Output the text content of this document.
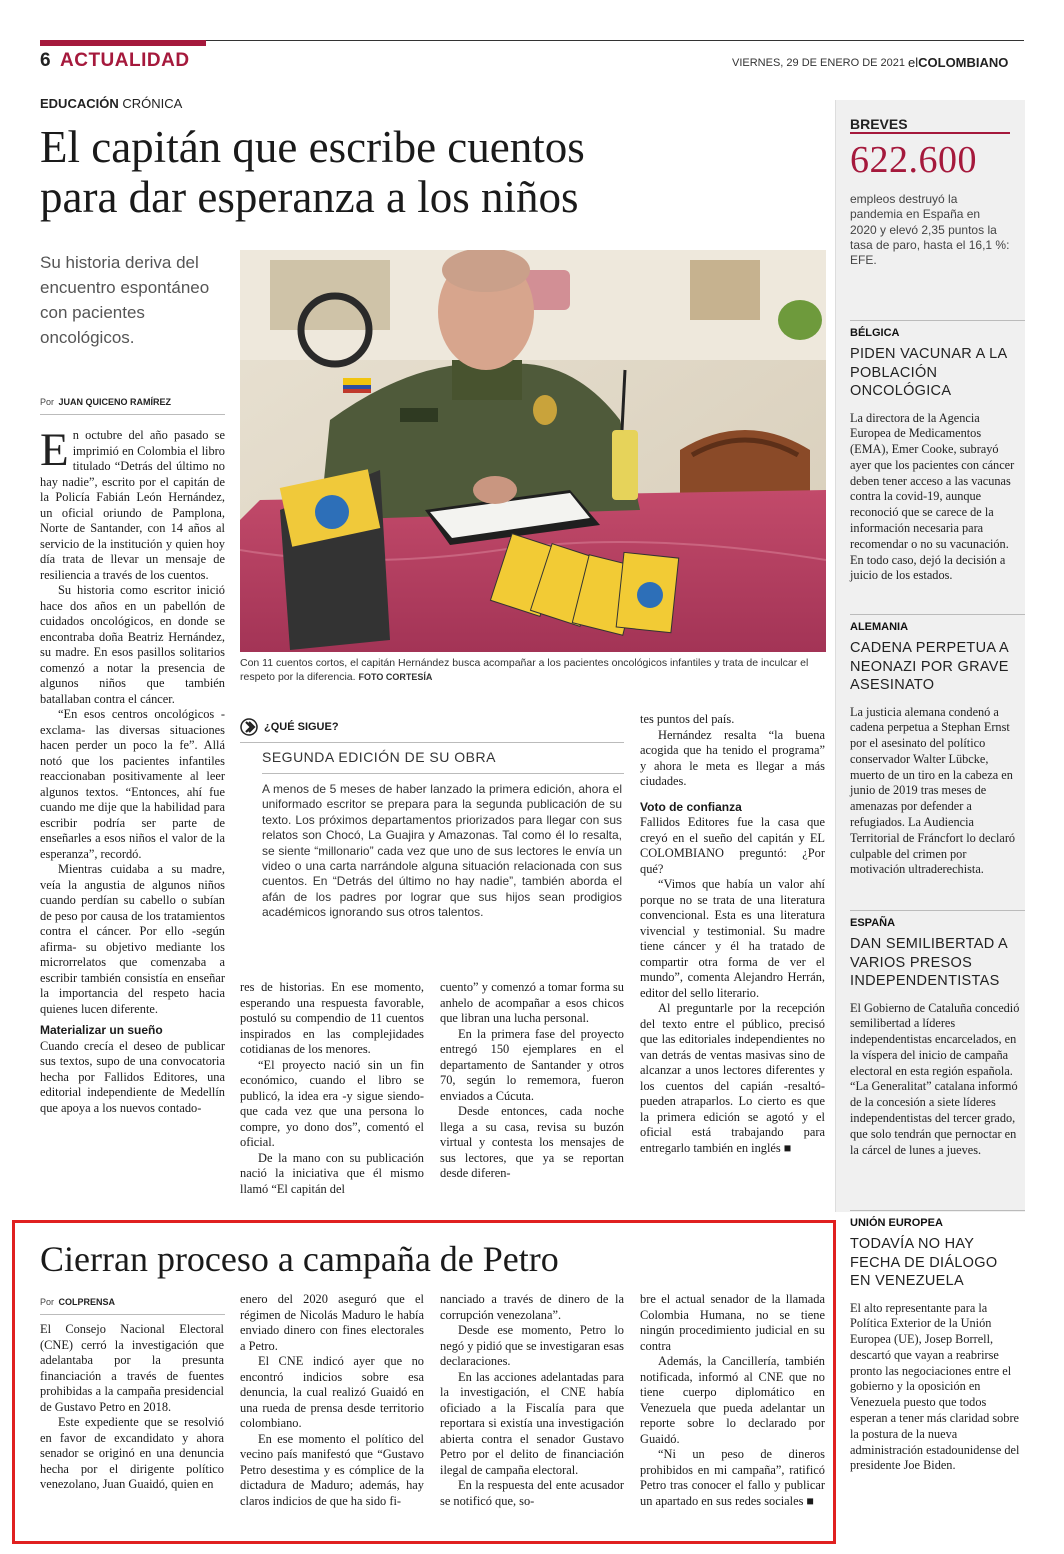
6 ACTUALIDAD	VIERNES, 29 DE ENERO DE 2021 elCOLOMBIANO
EDUCACIÓN CRÓNICA
El capitán que escribe cuentos
para dar esperanza a los niños
Su historia deriva del encuentro espontáneo con pacientes oncológicos.
Por JUAN QUICENO RAMÍREZ

En octubre del año pasado se imprimió en Colombia el libro titulado “Detrás del último no hay nadie”, escrito por el capitán de la Policía Fabián León Hernández, un oficial oriundo de Pamplona, Norte de Santander, con 14 años al servicio de la institución y quien hoy día trata de llevar un mensaje de resiliencia a través de los cuentos.

Su historia como escritor inició hace dos años en un pabellón de cuidados oncológicos, en donde se encontraba doña Beatriz Hernández, su madre. En esos pasillos solitarios comenzó a notar la presencia de algunos niños que también batallaban contra el cáncer.

“En esos centros oncológicos -exclama- las diversas situaciones hacen perder un poco la fe”. Allá notó que los pacientes infantiles reaccionaban positivamente al leer algunos textos. “Entonces, ahí fue cuando me dije que la habilidad para escribir podría ser parte de enseñarles a esos niños el valor de la esperanza”, recordó.

Mientras cuidaba a su madre, veía la angustia de algunos niños cuando perdían su cabello o subían de peso por causa de los tratamientos contra el cáncer. Por ello -según afirma- su objetivo mediante los microrrelatos que comenzaba a escribir también consistía en enseñar la importancia del respeto hacia quienes lucen diferente.

Materializar un sueño

Cuando crecía el deseo de publicar sus textos, supo de una convocatoria hecha por Fallidos Editores, una editorial independiente de Medellín que apoya a los nuevos contado-

Con 11 cuentos cortos, el capitán Hernández busca acompañar a los pacientes oncológicos infantiles y trata de inculcar el respeto por la diferencia. FOTO CORTESÍA
¿QUÉ SIGUE?
SEGUNDA EDICIÓN DE SU OBRA
A menos de 5 meses de haber lanzado la primera edición, ahora el uniformado escritor se prepara para la segunda publicación de su texto. Los próximos departamentos priorizados para llegar con sus relatos son Chocó, La Guajira y Amazonas. Tal como él lo resalta, se siente “millonario” cada vez que uno de sus lectores le envía un video o una carta narrándole alguna situación relacionada con sus cuentos. En “Detrás del último no hay nadie”, también aborda el afán de los padres por lograr que sus hijos sean prodigios académicos ignorando sus otros talentos.

res de historias. En ese momento, esperando una respuesta favorable, postuló su compendio de 11 cuentos inspirados en las complejidades cotidianas de los menores.

“El proyecto nació sin un fin económico, cuando el libro se publicó, la idea era -y sigue siendo- que cada vez que una persona lo compre, yo dono dos”, comentó el oficial.

De la mano con su publicación nació la iniciativa que él mismo llamó “El capitán del

cuento” y comenzó a tomar forma su anhelo de acompañar a esos chicos que libran una lucha personal.

En la primera fase del proyecto entregó 150 ejemplares en el departamento de Santander y otros 70, según lo rememora, fueron enviados a Cúcuta.

Desde entonces, cada noche llega a su casa, revisa su buzón virtual y contesta los mensajes de sus lectores, que ya se reportan desde diferen-

tes puntos del país.

Hernández resalta “la buena acogida que ha tenido el programa” y ahora le meta es llegar a más ciudades.

Voto de confianza

Fallidos Editores fue la casa que creyó en el sueño del capitán y EL COLOMBIANO preguntó: ¿Por qué?

“Vimos que había un valor ahí porque no se trata de una literatura convencional. Esta es una literatura vivencial y testimonial. Su madre tiene cáncer y él ha tratado de compartir otra forma de ver el mundo”, comenta Alejandro Herrán, editor del sello literario.

Al preguntarle por la recepción del texto entre el público, precisó que las editoriales independientes no van detrás de ventas masivas sino de alcanzar a unos lectores diferentes y los cuentos del capián -resaltó- pueden atraparlos. Lo cierto es que la primera edición se agotó y el oficial está trabajando para entregarlo también en inglés ■

BREVES
622.600
empleos destruyó la pandemia en España en 2020 y elevó 2,35 puntos la tasa de paro, hasta el 16,1 %: EFE.
BÉLGICA
PIDEN VACUNAR A LA POBLACIÓN ONCOLÓGICA
La directora de la Agencia Europea de Medicamentos (EMA), Emer Cooke, subrayó ayer que los pacientes con cáncer deben tener acceso a las vacunas contra la covid-19, aunque reconoció que se carece de la información necesaria para recomendar o no su vacunación. En todo caso, dejó la decisión a juicio de los estados.
ALEMANIA
CADENA PERPETUA A NEONAZI POR GRAVE ASESINATO
La justicia alemana condenó a cadena perpetua a Stephan Ernst por el asesinato del político conservador Walter Lübcke, muerto de un tiro en la cabeza en junio de 2019 tras meses de amenazas por defender a refugiados. La Audiencia Territorial de Fráncfort lo declaró culpable del crimen por motivación ultraderechista.
ESPAÑA
DAN SEMILIBERTAD A VARIOS PRESOS INDEPENDENTISTAS
El Gobierno de Cataluña concedió semilibertad a líderes independentistas encarcelados, en la víspera del inicio de campaña electoral en esta región española. “La Generalitat” catalana informó de la concesión a siete líderes independentistas del tercer grado, que solo tendrán que pernoctar en la cárcel de lunes a jueves.
UNIÓN EUROPEA
TODAVÍA NO HAY FECHA DE DIÁLOGO EN VENEZUELA
El alto representante para la Política Exterior de la Unión Europea (UE), Josep Borrell, descartó que vayan a reabrirse pronto las negociaciones entre el gobierno y la oposición en Venezuela puesto que todos esperan a tener más claridad sobre la postura de la nueva administración estadounidense del presidente Joe Biden.
Cierran proceso a campaña de Petro
Por COLPRENSA

El Consejo Nacional Electoral (CNE) cerró la investigación que adelantaba por la presunta financiación a través de fuentes prohibidas a la campaña presidencial de Gustavo Petro en 2018.

Este expediente que se resolvió en favor de excandidato y ahora senador se originó en una denuncia hecha por el dirigente político venezolano, Juan Guaidó, quien en

enero del 2020 aseguró que el régimen de Nicolás Maduro le había enviado dinero con fines electorales a Petro.

El CNE indicó ayer que no encontró indicios sobre esa denuncia, la cual realizó Guaidó en una rueda de prensa desde territorio colombiano.

En ese momento el político del vecino país manifestó que “Gustavo Petro desestima y es cómplice de la dictadura de Maduro; además, hay claros indicios de que ha sido fi-

nanciado a través de dinero de la corrupción venezolana”.

Desde ese momento, Petro lo negó y pidió que se investigaran esas declaraciones.

En las acciones adelantadas para la investigación, el CNE había oficiado a la Fiscalía para que reportara si existía una investigación abierta contra el senador Gustavo Petro por el delito de financiación ilegal de campaña electoral.

En la respuesta del ente acusador se notificó que, so-

bre el actual senador de la llamada Colombia Humana, no se tiene ningún procedimiento judicial en su contra

Además, la Cancillería, también notificada, informó al CNE que no tiene cuerpo diplomático en Venezuela que pueda adelantar un reporte sobre lo declarado por Guaidó.

“Ni un peso de dineros prohibidos en mi campaña”, ratificó Petro tras conocer el fallo y publicar un apartado en sus redes sociales ■
